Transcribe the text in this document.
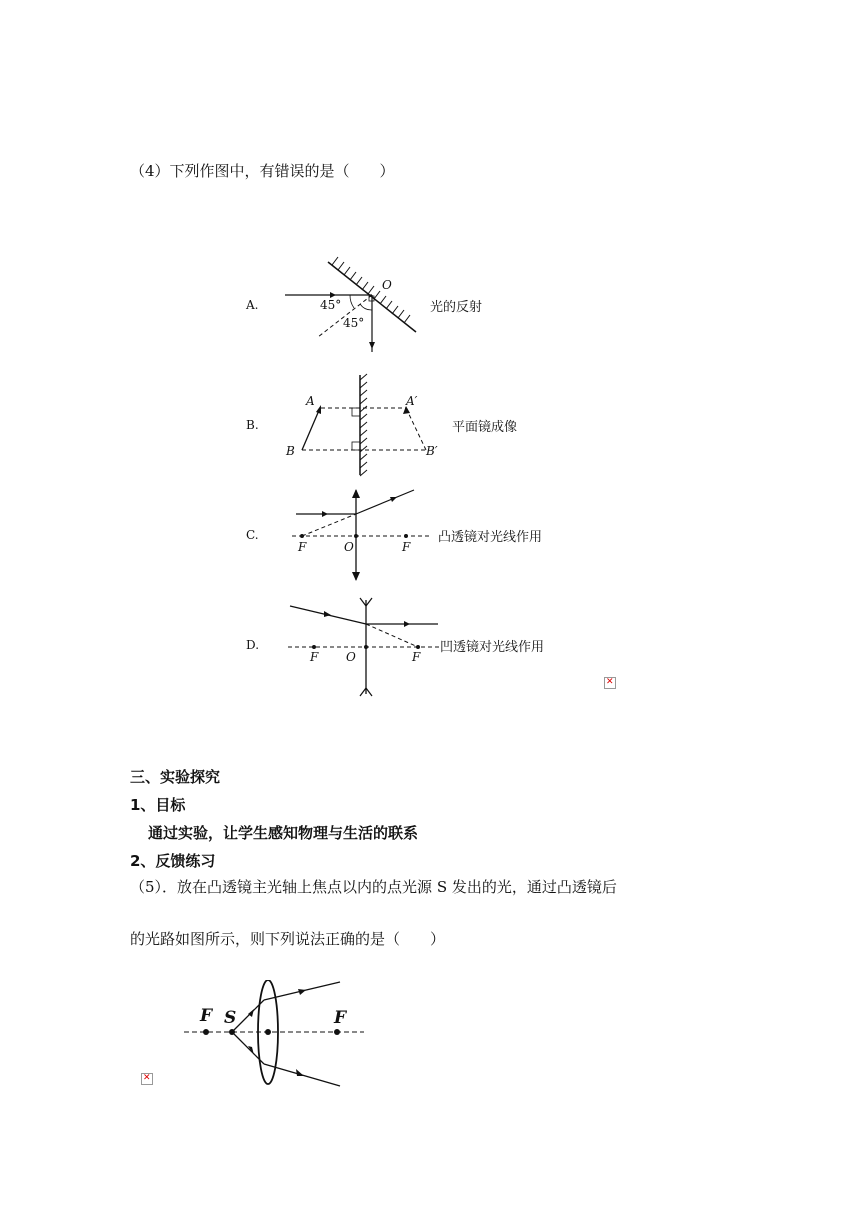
（4）下列作图中，有错误的是（　　）
A.
O
45°
45°
光的反射
B.
A	A′
B	B′
平面镜成像
C.
F	O	F
凸透镜对光线作用
D.
F O	F
凹透镜对光线作用
✕
三、实验探究
1、目标
通过实验，让学生感知物理与生活的联系
2、反馈练习
（5）．放在凸透镜主光轴上焦点以内的点光源 S 发出的光，通过凸透镜后
的光路如图所示，则下列说法正确的是（　　）
F S	F
✕
